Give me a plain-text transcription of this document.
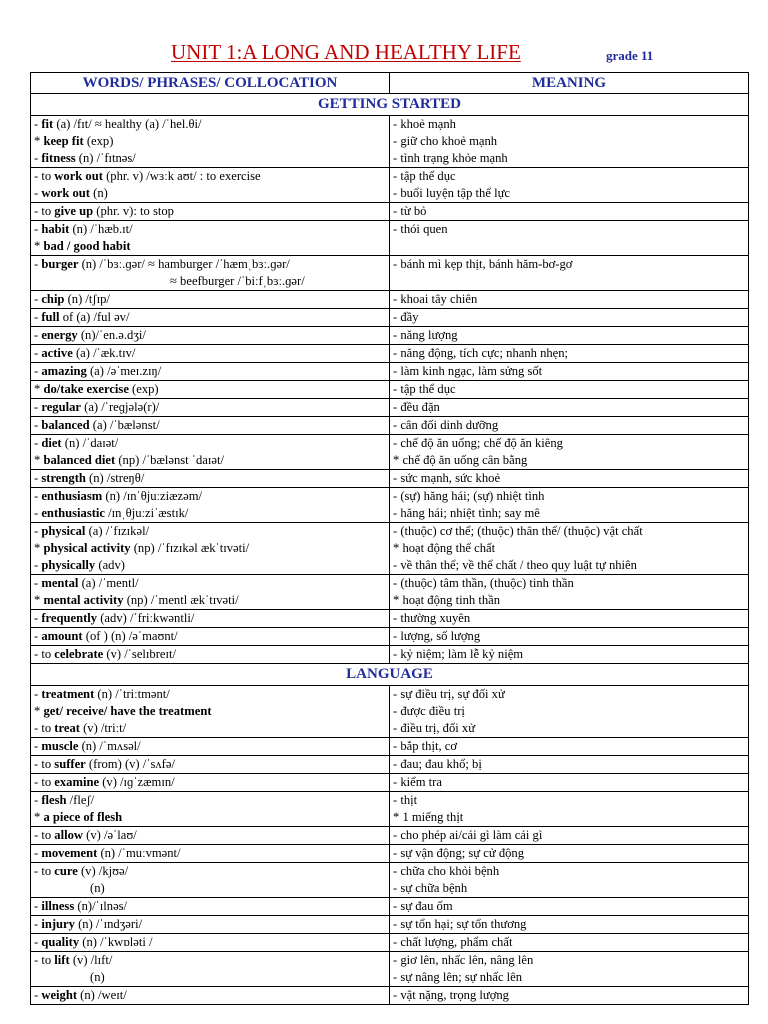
UNIT 1:A LONG AND HEALTHY LIFE	grade 11
WORDS/ PHRASES/ COLLOCATION	MEANING
GETTING STARTED	

- fit (a) /fɪt/ ≈ healthy (a) /ˈhel.θi/
* keep fit (exp)
- fitness (n) /ˈfɪtnəs/	- khoẻ mạnh
- giữ cho khoẻ mạnh
- tình trạng khỏe mạnh

- to work out (phr. v) /wɜːk aʊt/ : to exercise
- work out (n)	- tập thể dục
- buổi luyện tập thể lực

- to give up (phr. v): to stop	- từ bỏ

- habit (n) /ˈhæb.ɪt/
* bad / good habit	- thói quen

- burger (n) /ˈbɜː.ɡər/ ≈ hamburger /ˈhæmˌbɜː.ɡər/
≈ beefburger /ˈbiːfˌbɜː.ɡər/	- bánh mì kẹp thịt, bánh hăm-bơ-gơ

- chip (n) /tʃɪp/	- khoai tây chiên

- full of (a) /ful əv/	- đầy

- energy (n)/ˈen.ə.dʒi/	- năng lượng

- active (a) /ˈæk.tɪv/	- năng động, tích cực; nhanh nhẹn;

- amazing (a) /əˈmeɪ.zɪŋ/	- làm kinh ngạc, làm sửng sốt

* do/take exercise (exp)	- tập thể dục

- regular (a) /ˈreɡjələ(r)/	- đều đặn

- balanced (a) /ˈbælənst/	- cân đối dinh dưỡng

- diet (n) /ˈdaɪət/
* balanced diet (np) /ˈbælənst ˈdaɪət/	- chế độ ăn uống; chế độ ăn kiêng
* chế độ ăn uống cân bằng

- strength (n) /streŋθ/	- sức mạnh, sức khoẻ

- enthusiasm (n) /ɪnˈθjuːziæzəm/
- enthusiastic /ɪnˌθjuːziˈæstɪk/	- (sự) hăng hái; (sự) nhiệt tình
- hăng hái; nhiệt tình; say mê

- physical (a) /ˈfɪzɪkəl/
* physical activity (np) /ˈfɪzɪkəl ækˈtɪvəti/
- physically (adv)	- (thuộc) cơ thể; (thuộc) thân thể/ (thuộc) vật chất
* hoạt động thể chất
- về thân thể; về thể chất / theo quy luật tự nhiên

- mental (a) /ˈmentl/
* mental activity (np) /ˈmentl ækˈtɪvəti/	- (thuộc) tâm thần, (thuộc) tinh thần
* hoạt động tinh thần

- frequently (adv) /ˈfriːkwəntli/	- thường xuyên

- amount (of ) (n) /əˈmaʊnt/	- lượng, số lượng

- to celebrate (v) /ˈselɪbreɪt/	- kỷ niệm; làm lễ kỷ niệm

LANGUAGE	

- treatment (n) /ˈtriːtmənt/
* get/ receive/ have the treatment
- to treat (v) /triːt/	- sự điều trị, sự đối xử
- được điều trị
- điều trị, đối xử

- muscle (n) /ˈmʌsəl/	- bắp thịt, cơ

- to suffer (from) (v) /ˈsʌfə/	- đau; đau khổ; bị

- to examine (v) /ɪɡˈzæmɪn/	- kiểm tra

- flesh /fleʃ/
* a piece of flesh	- thịt
* 1 miếng thịt

- to allow (v) /əˈlaʊ/	- cho phép ai/cái gì làm cái gì

- movement (n) /ˈmuːvmənt/	- sự vận động; sự cử động

- to cure (v) /kjʊə/
(n)	- chữa cho khỏi bệnh
- sự chữa bệnh

- illness (n)/ˈɪlnəs/	- sự đau ốm

- injury (n) /ˈɪndʒəri/	- sự tổn hại; sự tổn thương

- quality (n) /ˈkwɒləti /	- chất lượng, phẩm chất

- to lift (v) /lɪft/
(n)	- giơ lên, nhấc lên, nâng lên
- sự nâng lên; sự nhấc lên

- weight (n) /weɪt/	- vật nặng, trọng lượng
